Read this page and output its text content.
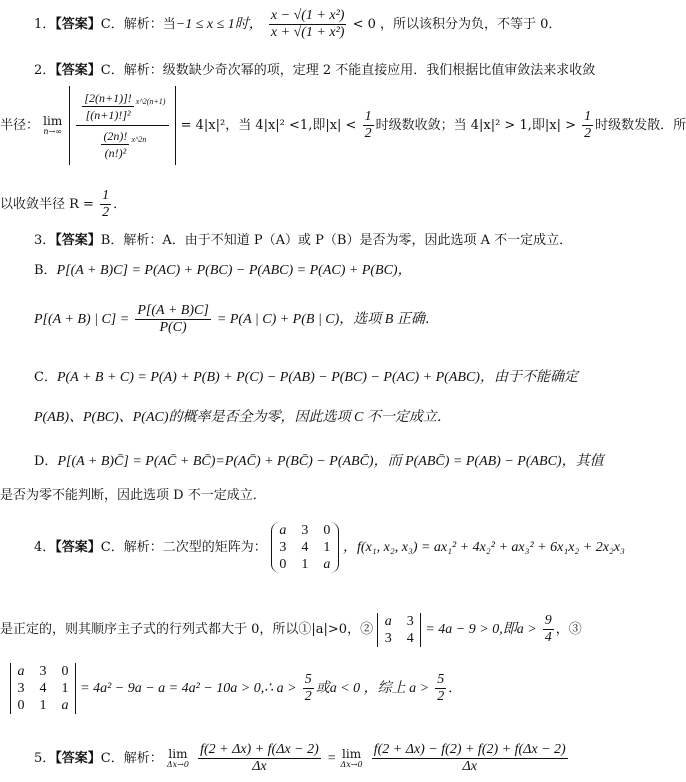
1．【答案】C．解析：当−1 ≤ x ≤ 1时， $\frac{\text{x − √(1 + x²)}}{\text{x + √(1 + x²)}} < 0$ ，所以该积分为负，不等于 0．
2．【答案】C．解析：级数缺少奇次幂的项，定理 2 不能直接应用．我们根据比值审敛法来求收敛
半径： lim
n→∞
$\frac{\frac{[2(n+1)]!}{\text{[(n+1)!]²}} ^{x\^{}2(n+1)}}{\frac{(2n)!}{\text{(n!)²}} ^{x\^{}2n}} = 4|x|^2$，当 4|x|² <1,即$|x| < \frac{1}{2}$ 时级数收敛；当 4|x|² > 1,即$|x| > \frac{1}{2}$ 时级数发散．所
以收敛半径 $R = \frac{1}{2}$ ．
3．【答案】B．解析：A．由于不知道 P（A）或 P（B）是否为零，因此选项 A 不一定成立．
B．P[(A + B)C] = P(AC) + P(BC) − P(ABC) = P(AC) + P(BC)，
P[(A + B) | $C] = \frac{P[(A + B)C]}{P(C)} = P(A$ | C) + P(B | C)，选项 B 正确．
C．P(A + B + C) = P(A) + P(B) + P(C) − P(AB) − P(BC) − P(AC) + P(ABC)，由于不能确定
P(AB)、P(BC)、P(AC)的概率是否全为零，因此选项 C 不一定成立．
D．P[(A + B)C̄] = P(AC̄ + BC̄)=P(AC̄) + P(BC̄) − P(ABC̄)，而 P(ABC̄) = P(AB) − P(ABC)，其值
是否为零不能判断，因此选项 D 不一定成立．
4．【答案】C．解析：二次型的矩阵为：
a 3 0
3 4 1
0 1 a
，f(x₁, x₂, x₃) = ax₁² + 4x₂² + ax₃² + 6x₁x₂ + 2x₂x₃
是正定的，则其顺序主子式的行列式都大于 0，所以①|a|>0，②
a 3
3 4
= 4a − 9 > 0,即$a > \frac{9}{4}$ ，③
a 3 0
3 4 1
0 1 a
= 4a² − 9a − a = 4a² − 10a > 0,∴ $a > \frac{5}{2}$ 或a < 0 ，综上 $a > \frac{5}{2}$ ．
5．【答案】C．解析： lim
Δx→0
$\frac{f(2 + \Delta x) + f(\Delta x - 2)}{\Delta x} = \lim$
Δx→0
$\frac{f(2 + \Delta x) - f(2) + f(2) + f(\Delta x - 2)}{\Delta x}$
